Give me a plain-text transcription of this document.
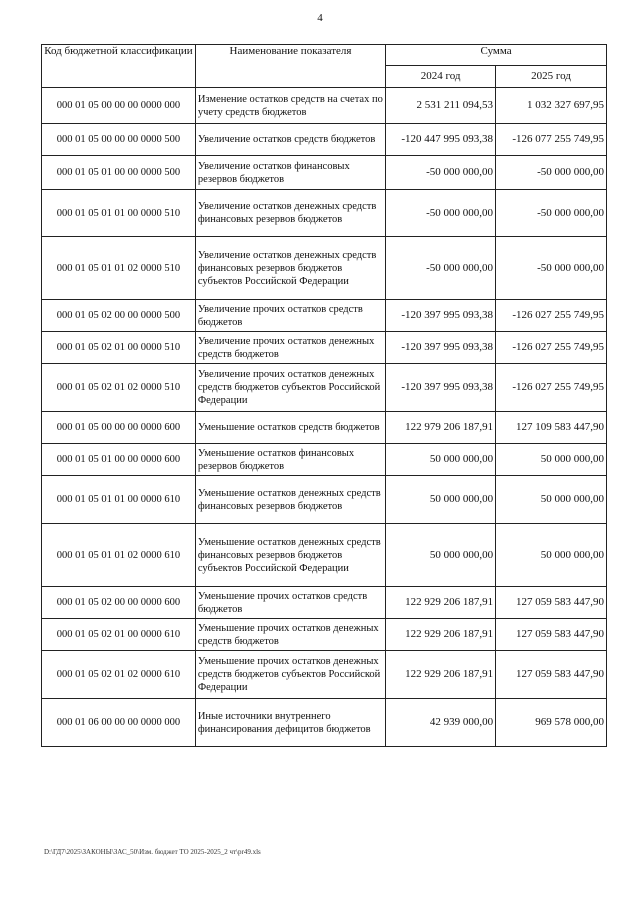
4
Код бюджетной классификации	Наименование показателя	Сумма	
		2024 год	2025 год
000 01 05 00 00 00 0000 000	Изменение остатков средств на счетах по учету средств бюджетов	2 531 211 094,53	1 032 327 697,95
000 01 05 00 00 00 0000 500	Увеличение остатков средств бюджетов	-120 447 995 093,38	-126 077 255 749,95
000 01 05 01 00 00 0000 500	Увеличение остатков финансовых резервов бюджетов	-50 000 000,00	-50 000 000,00
000 01 05 01 01 00 0000 510	Увеличение остатков денежных средств финансовых резервов бюджетов	-50 000 000,00	-50 000 000,00
000 01 05 01 01 02 0000 510	Увеличение остатков денежных средств финансовых резервов бюджетов субъектов Российской Федерации	-50 000 000,00	-50 000 000,00
000 01 05 02 00 00 0000 500	Увеличение прочих остатков средств бюджетов	-120 397 995 093,38	-126 027 255 749,95
000 01 05 02 01 00 0000 510	Увеличение прочих остатков денежных средств бюджетов	-120 397 995 093,38	-126 027 255 749,95
000 01 05 02 01 02 0000 510	Увеличение прочих остатков денежных средств бюджетов субъектов Российской Федерации	-120 397 995 093,38	-126 027 255 749,95
000 01 05 00 00 00 0000 600	Уменьшение остатков средств бюджетов	122 979 206 187,91	127 109 583 447,90
000 01 05 01 00 00 0000 600	Уменьшение остатков финансовых резервов бюджетов	50 000 000,00	50 000 000,00
000 01 05 01 01 00 0000 610	Уменьшение остатков денежных средств финансовых резервов бюджетов	50 000 000,00	50 000 000,00
000 01 05 01 01 02 0000 610	Уменьшение остатков денежных средств финансовых резервов бюджетов субъектов Российской Федерации	50 000 000,00	50 000 000,00
000 01 05 02 00 00 0000 600	Уменьшение прочих остатков средств бюджетов	122 929 206 187,91	127 059 583 447,90
000 01 05 02 01 00 0000 610	Уменьшение прочих остатков денежных средств бюджетов	122 929 206 187,91	127 059 583 447,90
000 01 05 02 01 02 0000 610	Уменьшение прочих остатков денежных средств бюджетов субъектов Российской Федерации	122 929 206 187,91	127 059 583 447,90
000 01 06 00 00 00 0000 000	Иные источники внутреннего финансирования дефицитов бюджетов	42 939 000,00	969 578 000,00
D:\ГД7\2025\ЗАКОНЫ\ЗАС_50\Изм. бюджет ТО 2025-2025_2 чт\pr49.xls
